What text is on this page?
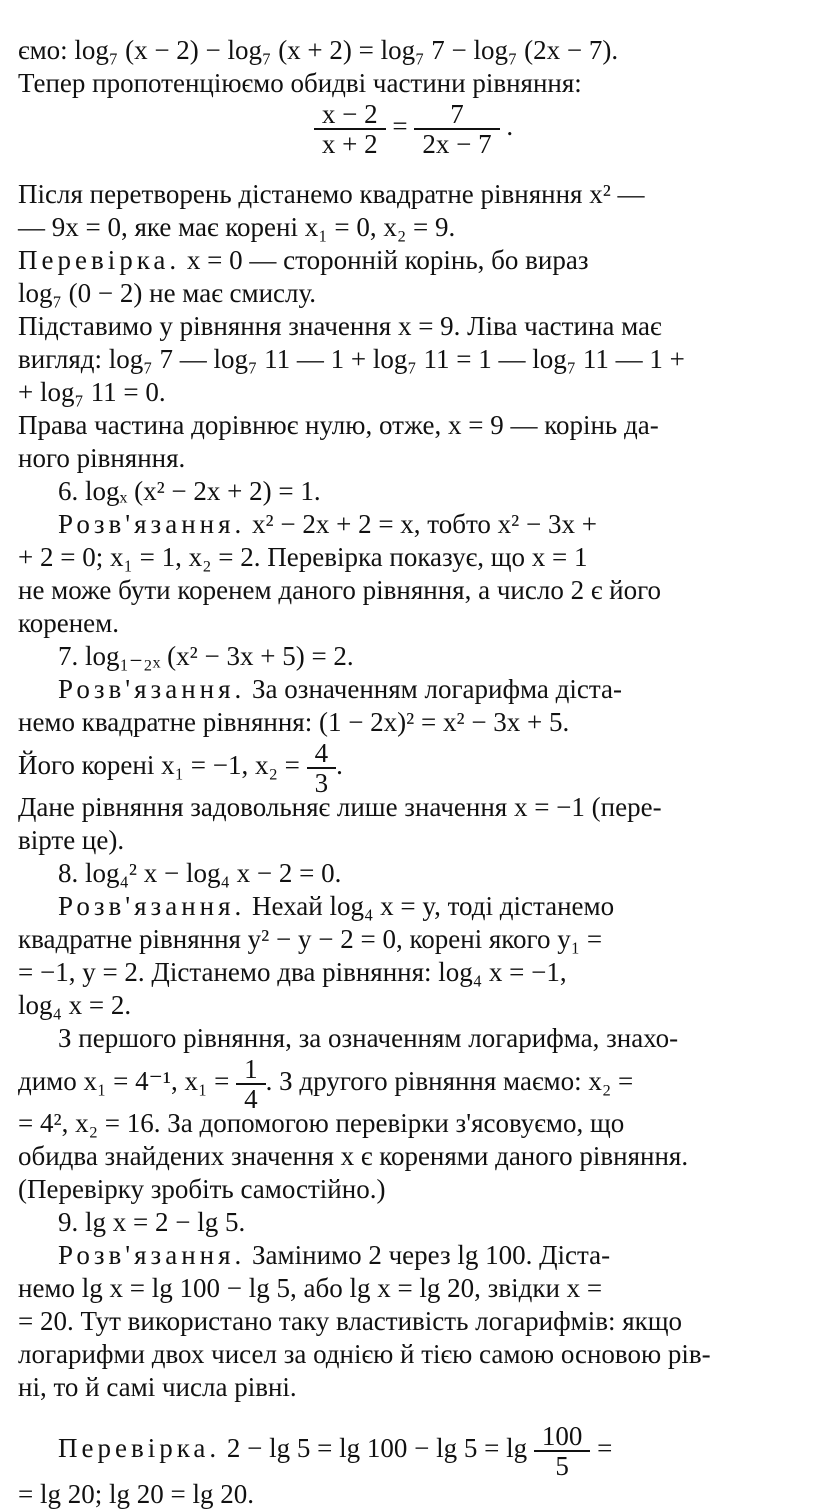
ємо: log₇ (x − 2) − log₇ (x + 2) = log₇ 7 − log₇ (2x − 7).
Тепер пропотенціюємо обидві частини рівняння:
$\frac{x - 2}{x + 2} = \frac{7}{2x - 7}$ .
Після перетворень дістанемо квадратне рівняння x² —
— 9x = 0, яке має корені x₁ = 0, x₂ = 9.
Перевірка. x = 0 — сторонній корінь, бо вираз
log₇ (0 − 2) не має смислу.
Підставимо у рівняння значення x = 9. Ліва частина має
вигляд: log₇ 7 — log₇ 11 — 1 + log₇ 11 = 1 — log₇ 11 — 1 +
+ log₇ 11 = 0.
Права частина дорівнює нулю, отже, x = 9 — корінь да-
ного рівняння.
6. logₓ (x² − 2x + 2) = 1.
Розв'язання. x² − 2x + 2 = x, тобто x² − 3x +
+ 2 = 0; x₁ = 1, x₂ = 2. Перевірка показує, що x = 1
не може бути коренем даного рівняння, а число 2 є його
коренем.
7. log₁₋₂ₓ (x² − 3x + 5) = 2.
Розв'язання. За означенням логарифма діста-
немо квадратне рівняння: (1 − 2x)² = x² − 3x + 5.
Його корені x₁ = −1, $x_2 = \frac{4}{3}$ .
Дане рівняння задовольняє лише значення x = −1 (пере-
вірте це).
8. log₄² x − log₄ x − 2 = 0.
Розв'язання. Нехай log₄ x = y, тоді дістанемо
квадратне рівняння y² − y − 2 = 0, корені якого y₁ =
= −1, y = 2. Дістанемо два рівняння: log₄ x = −1,
log₄ x = 2.
З першого рівняння, за означенням логарифма, знахо-
димо x₁ = 4⁻¹, $x_1 = \frac{1}{4}$ . З другого рівняння маємо: x₂ =
= 4², x₂ = 16. За допомогою перевірки з'ясовуємо, що
обидва знайдених значення x є коренями даного рівняння.
(Перевірку зробіть самостійно.)
9. lg x = 2 − lg 5.
Розв'язання. Замінимо 2 через lg 100. Діста-
немо lg x = lg 100 − lg 5, або lg x = lg 20, звідки x =
= 20. Тут використано таку властивість логарифмів: якщо
логарифми двох чисел за однією й тією самою основою рів-
ні, то й самі числа рівні.
Перевірка. $2 - \lg 5 = \lg 100 - \lg 5 = \lg \frac{100}{5}$ =
= lg 20; lg 20 = lg 20.
